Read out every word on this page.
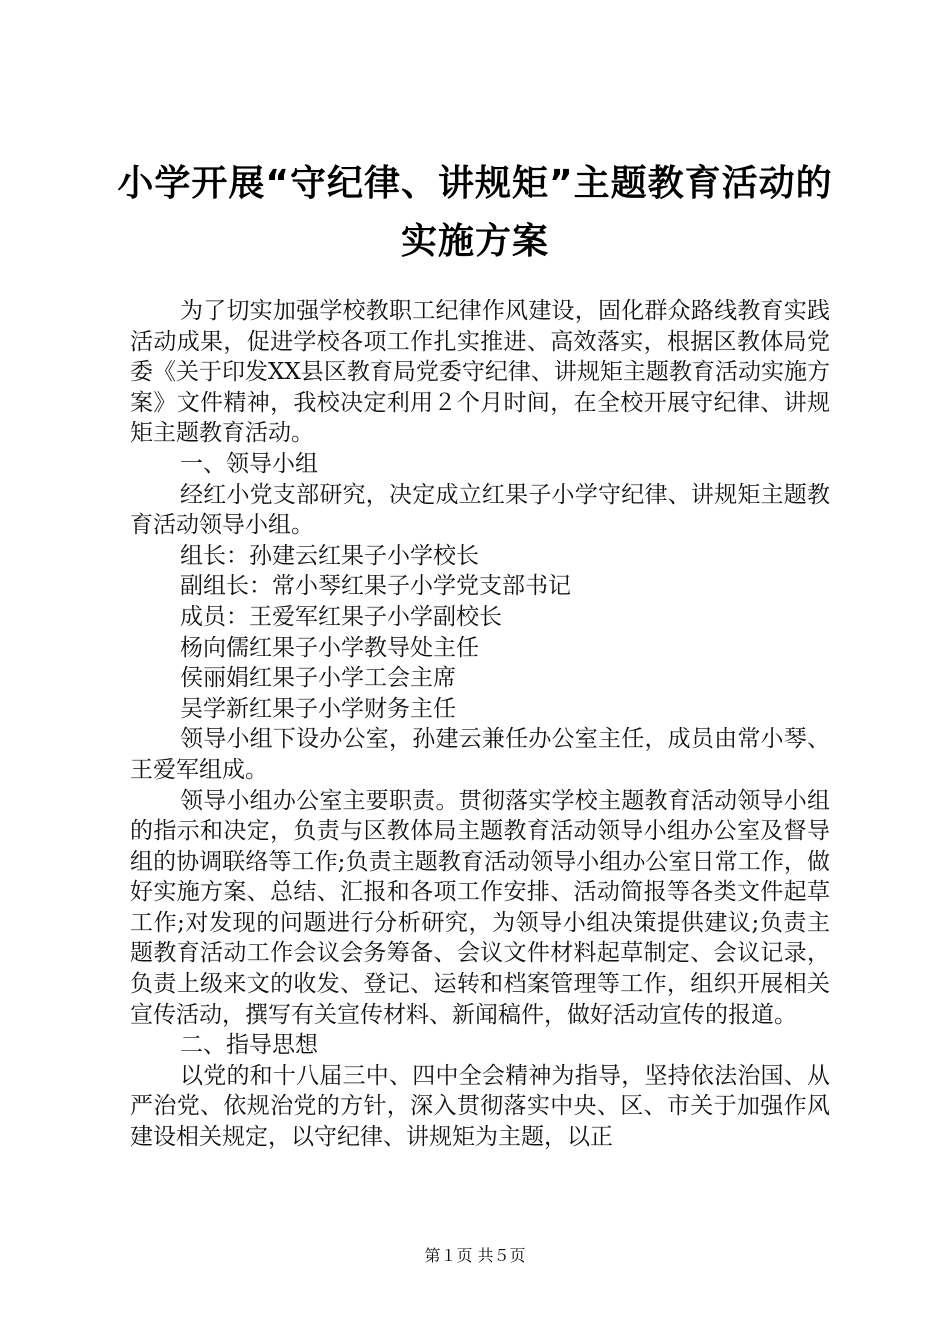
小学开展“守纪律、讲规矩”主题教育活动的
实施方案

为了切实加强学校教职工纪律作风建设，固化群众路线教育实践活动成果，促进学校各项工作扎实推进、高效落实，根据区教体局党委《关于印发XX县区教育局党委守纪律、讲规矩主题教育活动实施方案》文件精神，我校决定利用２个月时间，在全校开展守纪律、讲规矩主题教育活动。

一、领导小组

经红小党支部研究，决定成立红果子小学守纪律、讲规矩主题教育活动领导小组。

组长：孙建云红果子小学校长

副组长：常小琴红果子小学党支部书记

成员：王爱军红果子小学副校长

杨向儒红果子小学教导处主任

侯丽娟红果子小学工会主席

吴学新红果子小学财务主任

领导小组下设办公室，孙建云兼任办公室主任，成员由常小琴、王爱军组成。

领导小组办公室主要职责。贯彻落实学校主题教育活动领导小组的指示和决定，负责与区教体局主题教育活动领导小组办公室及督导组的协调联络等工作;负责主题教育活动领导小组办公室日常工作，做好实施方案、总结、汇报和各项工作安排、活动简报等各类文件起草工作;对发现的问题进行分析研究，为领导小组决策提供建议;负责主题教育活动工作会议会务筹备、会议文件材料起草制定、会议记录，负责上级来文的收发、登记、运转和档案管理等工作，组织开展相关宣传活动，撰写有关宣传材料、新闻稿件，做好活动宣传的报道。

二、指导思想

以党的和十八届三中、四中全会精神为指导，坚持依法治国、从严治党、依规治党的方针，深入贯彻落实中央、区、市关于加强作风建设相关规定，以守纪律、讲规矩为主题，以正

第１页 共５页
